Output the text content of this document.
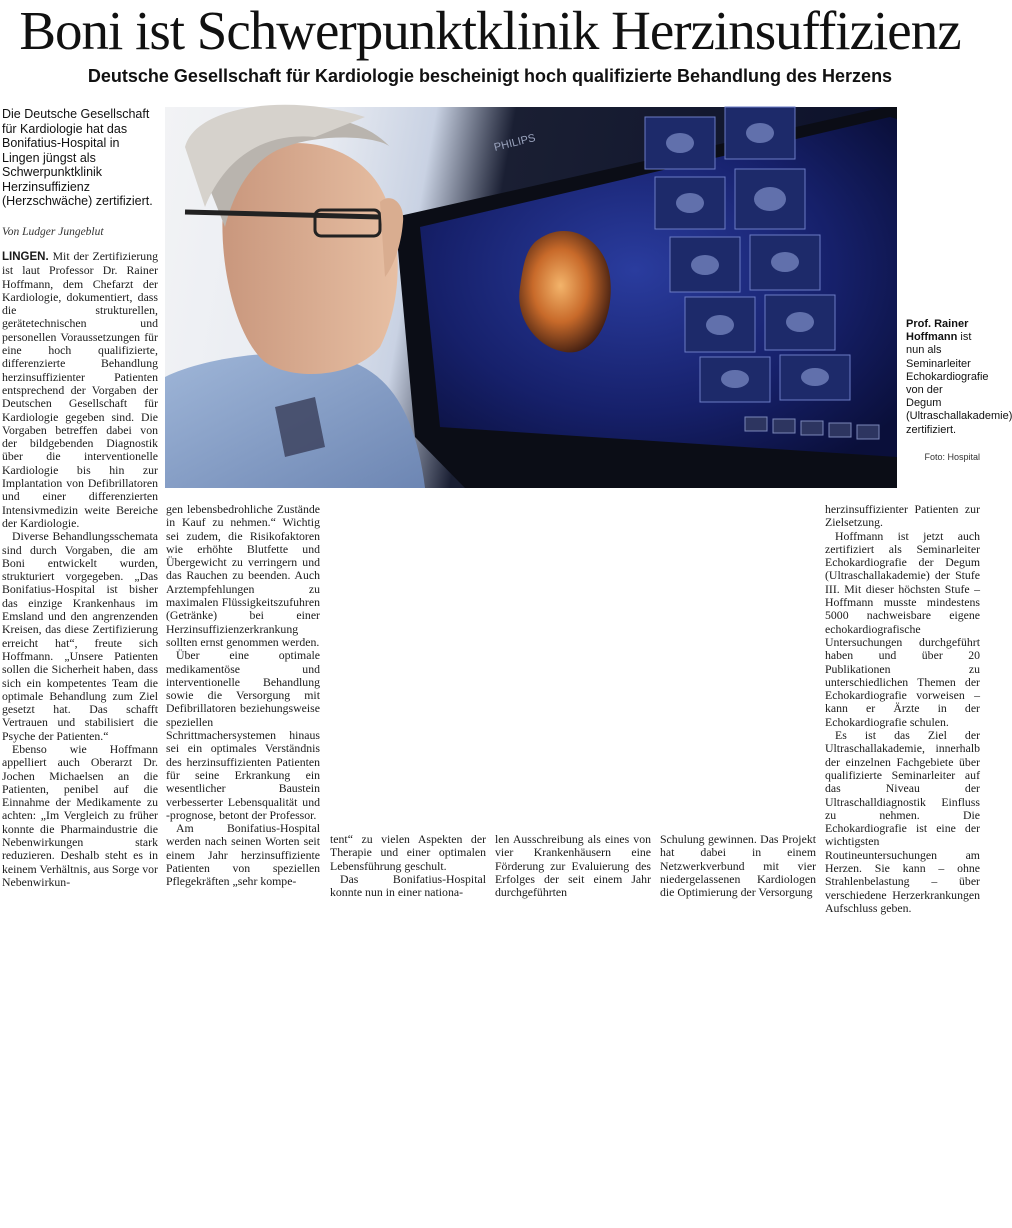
Boni ist Schwerpunktklinik Herzinsuffizienz
Deutsche Gesellschaft für Kardiologie bescheinigt hoch qualifizierte Behandlung des Herzens
Die Deutsche Gesellschaft für Kardiologie hat das Bonifatius-Hospital in Lingen jüngst als Schwerpunktklinik Herzinsuffizienz (Herzschwäche) zertifiziert.
Von Ludger Jungeblut

LINGEN. Mit der Zertifizierung ist laut Professor Dr. Rainer Hoffmann, dem Chefarzt der Kardiologie, dokumentiert, dass die strukturellen, gerätetechnischen und personellen Voraussetzungen für eine hoch qualifizierte, differenzierte Behandlung herzinsuffizienter Patienten entsprechend der Vorgaben der Deutschen Gesellschaft für Kardiologie gegeben sind. Die Vorgaben betreffen dabei von der bildgebenden Diagnostik über die interventionelle Kardiologie bis hin zur Implantation von Defibrillatoren und einer differenzierten Intensivmedizin weite Bereiche der Kardiologie.

Diverse Behandlungsschemata sind durch Vorgaben, die am Boni entwickelt wurden, strukturiert vorgegeben. „Das Bonifatius-Hospital ist bisher das einzige Krankenhaus im Emsland und den angrenzenden Kreisen, das diese Zertifizierung erreicht hat“, freute sich Hoffmann. „Unsere Patienten sollen die Sicherheit haben, dass sich ein kompetentes Team die optimale Behandlung zum Ziel gesetzt hat. Das schafft Vertrauen und stabilisiert die Psyche der Patienten.“

Ebenso wie Hoffmann appelliert auch Oberarzt Dr. Jochen Michaelsen an die Patienten, penibel auf die Einnahme der Medikamente zu achten: „Im Vergleich zu früher konnte die Pharmaindustrie die Nebenwirkungen stark reduzieren. Deshalb steht es in keinem Verhältnis, aus Sorge vor Nebenwirkun-

PHILIPS
Prof. Rainer Hoffmann ist nun als Seminarleiter Echokardiografie von der Degum (Ultraschallakademie) zertifiziert.
Foto: Hospital

gen lebensbedrohliche Zustände in Kauf zu nehmen.“ Wichtig sei zudem, die Risikofaktoren wie erhöhte Blutfette und Übergewicht zu verringern und das Rauchen zu beenden. Auch Arztempfehlungen zu maximalen Flüssigkeitszufuhren (Getränke) bei einer Herzinsuffizienzerkrankung sollten ernst genommen werden.

Über eine optimale medikamentöse und interventionelle Behandlung sowie die Versorgung mit Defibrillatoren beziehungsweise speziellen Schrittmachersystemen hinaus sei ein optimales Verständnis des herzinsuffizienten Patienten für seine Erkrankung ein wesentlicher Baustein verbesserter Lebensqualität und -prognose, betont der Professor.

Am Bonifatius-Hospital werden nach seinen Worten seit einem Jahr herzinsuffiziente Patienten von speziellen Pflegekräften „sehr kompe-

tent“ zu vielen Aspekten der Therapie und einer optimalen Lebensführung geschult.

Das Bonifatius-Hospital konnte nun in einer nationa-

len Ausschreibung als eines von vier Krankenhäusern eine Förderung zur Evaluierung des Erfolges der seit einem Jahr durchgeführten

Schulung gewinnen. Das Projekt hat dabei in einem Netzwerkverbund mit vier niedergelassenen Kardiologen die Optimierung der Versorgung

herzinsuffizienter Patienten zur Zielsetzung.

Hoffmann ist jetzt auch zertifiziert als Seminarleiter Echokardiografie der Degum (Ultraschallakademie) der Stufe III. Mit dieser höchsten Stufe – Hoffmann musste mindestens 5000 nachweisbare eigene echokardiografische Untersuchungen durchgeführt haben und über 20 Publikationen zu unterschiedlichen Themen der Echokardiografie vorweisen – kann er Ärzte in der Echokardiografie schulen.

Es ist das Ziel der Ultraschallakademie, innerhalb der einzelnen Fachgebiete über qualifizierte Seminarleiter auf das Niveau der Ultraschalldiagnostik Einfluss zu nehmen. Die Echokardiografie ist eine der wichtigsten Routineuntersuchungen am Herzen. Sie kann – ohne Strahlenbelastung – über verschiedene Herzerkrankungen Aufschluss geben.
